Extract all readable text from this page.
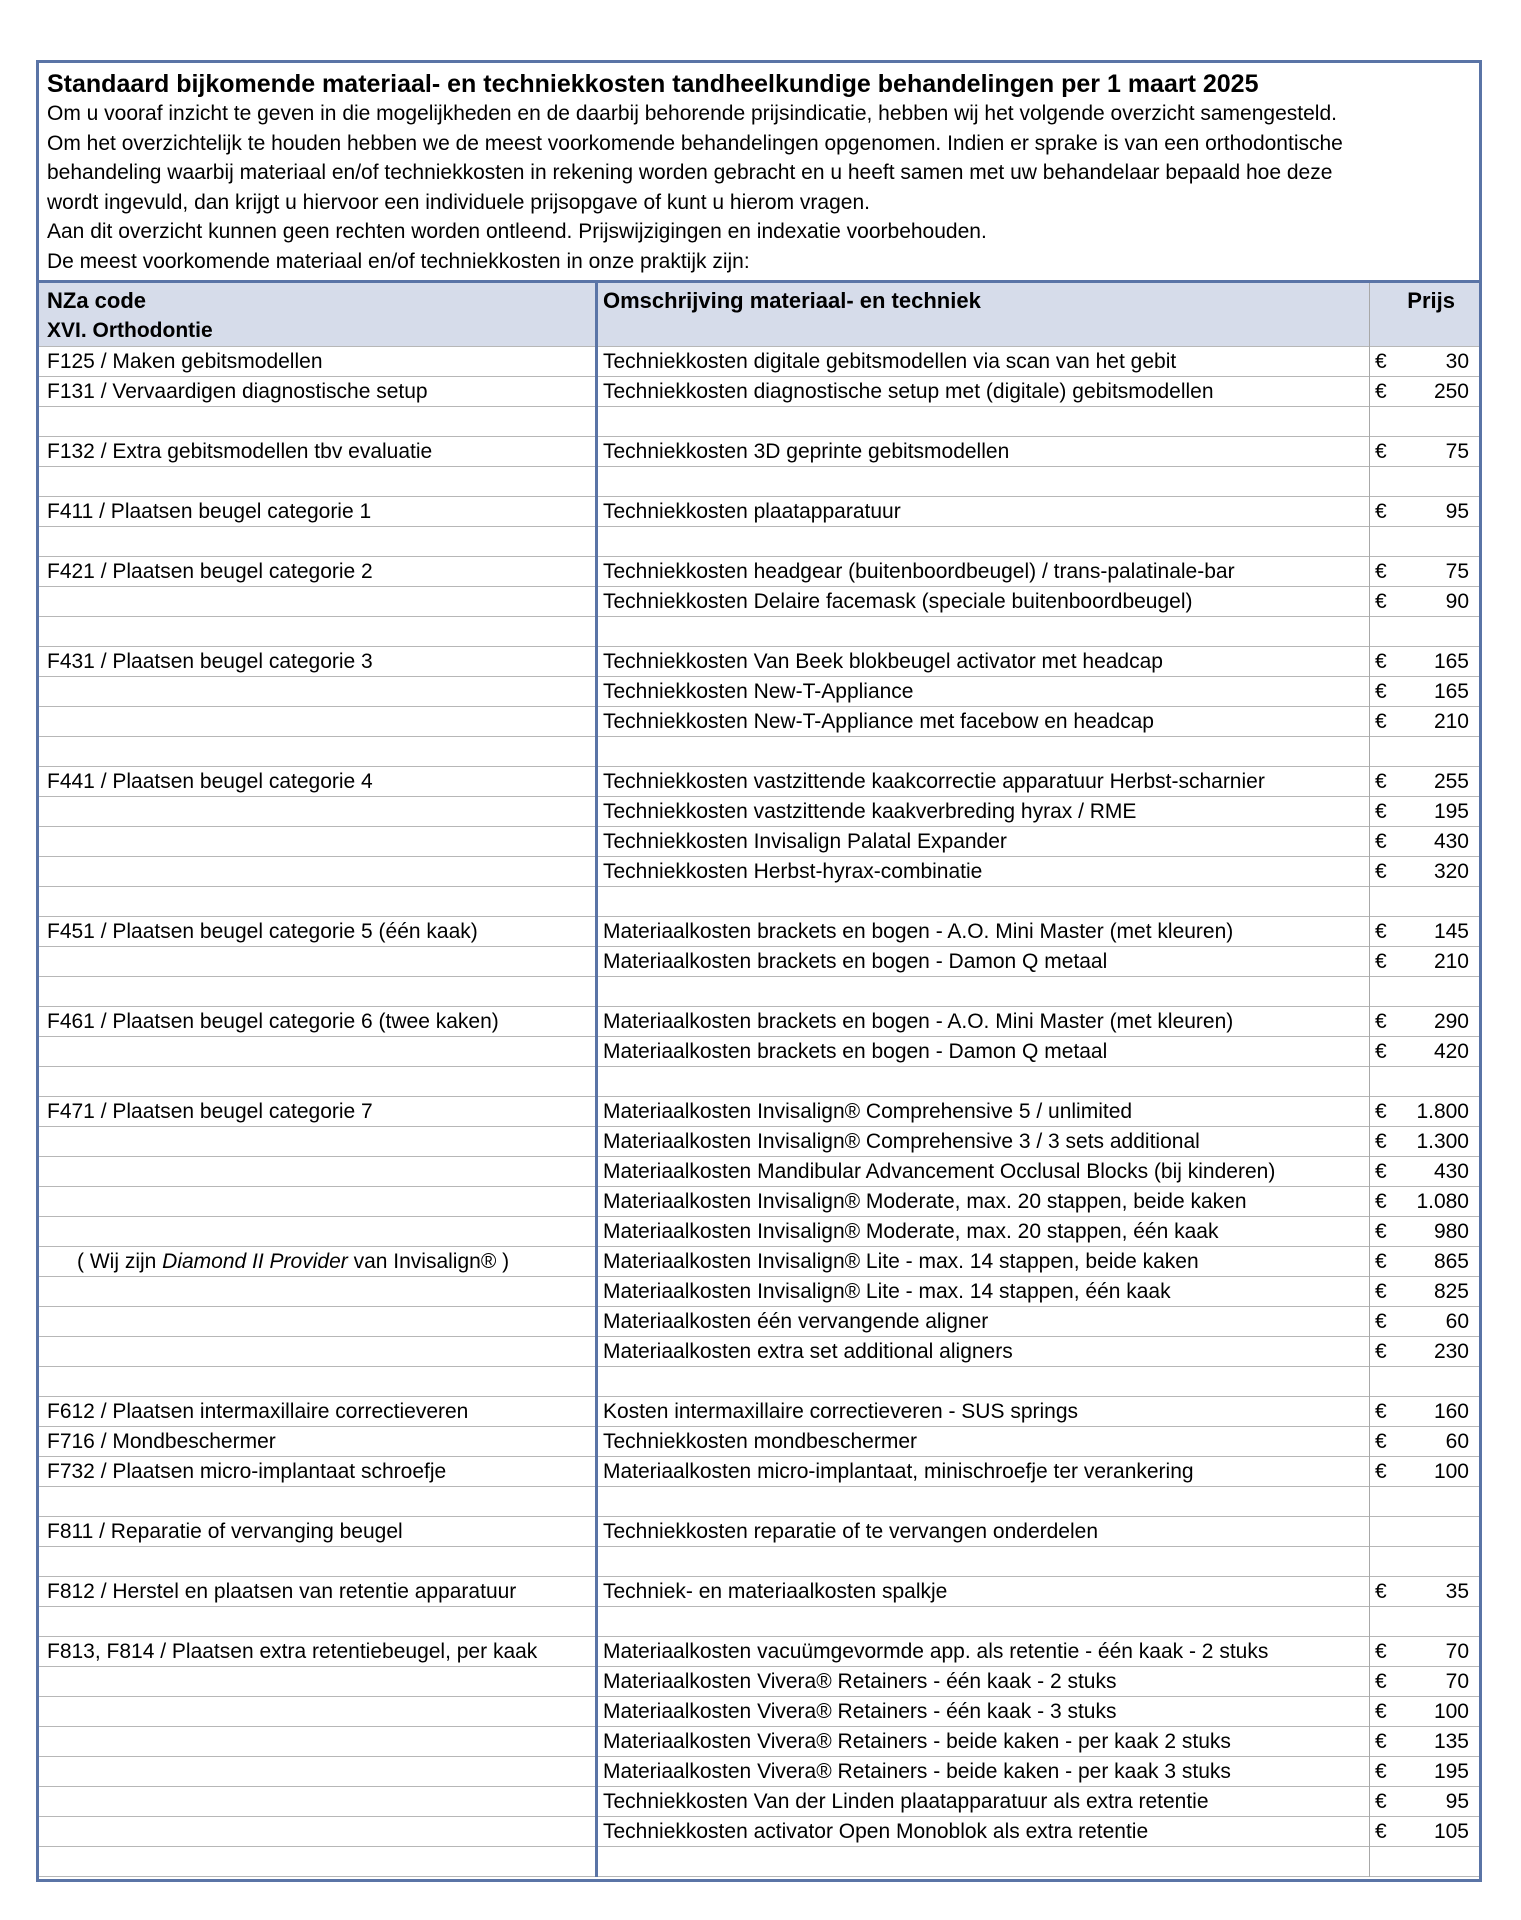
Standaard bijkomende materiaal- en techniekkosten tandheelkundige behandelingen per 1 maart 2025

Om u vooraf inzicht te geven in die mogelijkheden en de daarbij behorende prijsindicatie, hebben wij het volgende overzicht samengesteld.

Om het overzichtelijk te houden hebben we de meest voorkomende behandelingen opgenomen. Indien er sprake is van een orthodontische

behandeling waarbij materiaal en/of techniekkosten in rekening worden gebracht en u heeft samen met uw behandelaar bepaald hoe deze

wordt ingevuld, dan krijgt u hiervoor een individuele prijsopgave of kunt u hierom vragen.

Aan dit overzicht kunnen geen rechten worden ontleend. Prijswijzigingen en indexatie voorbehouden.

De meest voorkomende materiaal en/of techniekkosten in onze praktijk zijn:

NZa code
XVI. Orthodontie
Omschrijving materiaal- en techniek	Prijs
F125 / Maken gebitsmodellen	Techniekkosten digitale gebitsmodellen via scan van het gebit	€	30
F131 / Vervaardigen diagnostische setup	Techniekkosten diagnostische setup met (digitale) gebitsmodellen	€ 250
F132 / Extra gebitsmodellen tbv evaluatie	Techniekkosten 3D geprinte gebitsmodellen	€	75
F411 / Plaatsen beugel categorie 1	Techniekkosten plaatapparatuur	€	95
F421 / Plaatsen beugel categorie 2	Techniekkosten headgear (buitenboordbeugel) / trans-palatinale-bar	€	75
Techniekkosten Delaire facemask (speciale buitenboordbeugel)	€	90
F431 / Plaatsen beugel categorie 3	Techniekkosten Van Beek blokbeugel activator met headcap	€ 165
Techniekkosten New-T-Appliance	€ 165
Techniekkosten New-T-Appliance met facebow en headcap	€ 210
F441 / Plaatsen beugel categorie 4	Techniekkosten vastzittende kaakcorrectie apparatuur Herbst-scharnier	€ 255
Techniekkosten vastzittende kaakverbreding hyrax / RME	€ 195
Techniekkosten Invisalign Palatal Expander	€ 430
Techniekkosten Herbst-hyrax-combinatie	€ 320
F451 / Plaatsen beugel categorie 5 (één kaak)	Materiaalkosten brackets en bogen - A.O. Mini Master (met kleuren)	€ 145
Materiaalkosten brackets en bogen - Damon Q metaal	€ 210
F461 / Plaatsen beugel categorie 6 (twee kaken)	Materiaalkosten brackets en bogen - A.O. Mini Master (met kleuren)	€ 290
Materiaalkosten brackets en bogen - Damon Q metaal	€ 420
F471 / Plaatsen beugel categorie 7	Materiaalkosten Invisalign® Comprehensive 5 / unlimited	€ 1.800
Materiaalkosten Invisalign® Comprehensive 3 / 3 sets additional	€ 1.300
Materiaalkosten Mandibular Advancement Occlusal Blocks (bij kinderen)	€ 430
Materiaalkosten Invisalign® Moderate, max. 20 stappen, beide kaken	€ 1.080
Materiaalkosten Invisalign® Moderate, max. 20 stappen, één kaak	€ 980
( Wij zijn Diamond II Provider van Invisalign® )	Materiaalkosten Invisalign® Lite - max. 14 stappen, beide kaken	€ 865
Materiaalkosten Invisalign® Lite - max. 14 stappen, één kaak	€ 825
Materiaalkosten één vervangende aligner	€	60
Materiaalkosten extra set additional aligners	€ 230
F612 / Plaatsen intermaxillaire correctieveren	Kosten intermaxillaire correctieveren - SUS springs	€ 160
F716 / Mondbeschermer	Techniekkosten mondbeschermer	€	60
F732 / Plaatsen micro-implantaat schroefje	Materiaalkosten micro-implantaat, minischroefje ter verankering	€ 100
F811 / Reparatie of vervanging beugel	Techniekkosten reparatie of te vervangen onderdelen
F812 / Herstel en plaatsen van retentie apparatuur	Techniek- en materiaalkosten spalkje	€	35
F813, F814 / Plaatsen extra retentiebeugel, per kaak	Materiaalkosten vacuümgevormde app. als retentie - één kaak - 2 stuks	€	70
Materiaalkosten Vivera® Retainers - één kaak - 2 stuks	€	70
Materiaalkosten Vivera® Retainers - één kaak - 3 stuks	€ 100
Materiaalkosten Vivera® Retainers - beide kaken - per kaak 2 stuks	€ 135
Materiaalkosten Vivera® Retainers - beide kaken - per kaak 3 stuks	€ 195
Techniekkosten Van der Linden plaatapparatuur als extra retentie	€	95
Techniekkosten activator Open Monoblok als extra retentie	€ 105
